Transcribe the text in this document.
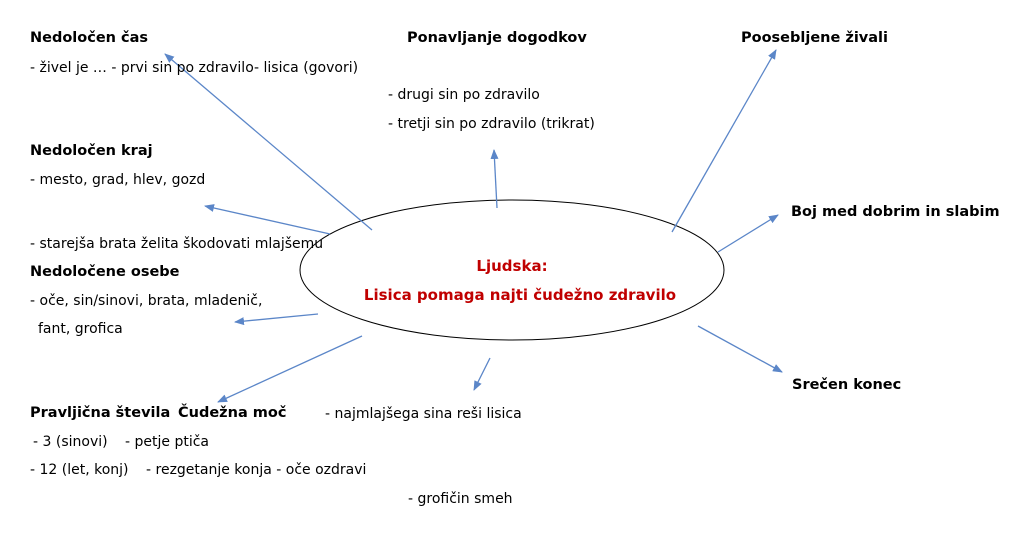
Ljudska:
Lisica pomaga najti čudežno zdravilo
Nedoločen čas
- živel je … - prvi sin po zdravilo- lisica (govori)
Ponavljanje dogodkov
- drugi sin po zdravilo
- tretji sin po zdravilo (trikrat)
Poosebljene živali
Nedoločen kraj
- mesto, grad, hlev, gozd
Boj med dobrim in slabim
- starejša brata želita škodovati mlajšemu
Nedoločene osebe
- oče, sin/sinovi, brata, mladenič,
fant, grofica
Srečen konec
Pravljična števila
- 3 (sinovi)
- 12 (let, konj)
Čudežna moč
- petje ptiča
- rezgetanje konja - oče ozdravi
- najmlajšega sina reši lisica
- grofičin smeh
